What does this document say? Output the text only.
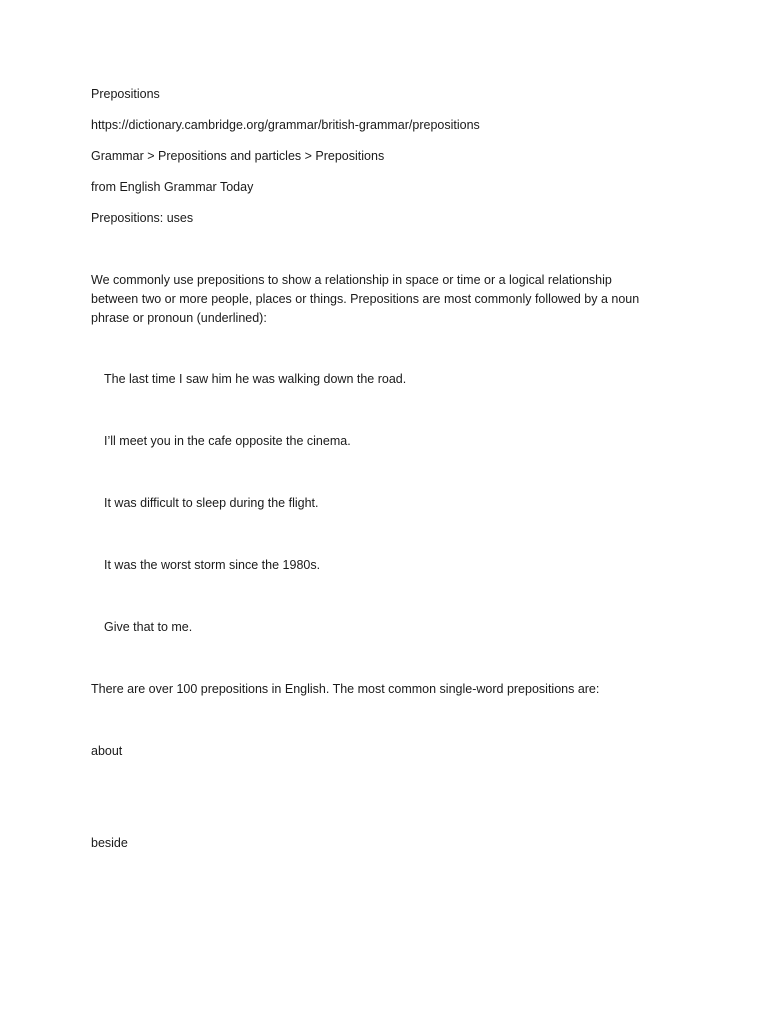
Prepositions
https://dictionary.cambridge.org/grammar/british-grammar/prepositions
Grammar > Prepositions and particles > Prepositions
from English Grammar Today
Prepositions: uses
We commonly use prepositions to show a relationship in space or time or a logical relationship
between two or more people, places or things. Prepositions are most commonly followed by a noun
phrase or pronoun (underlined):
The last time I saw him he was walking down the road.
I’ll meet you in the cafe opposite the cinema.
It was difficult to sleep during the flight.
It was the worst storm since the 1980s.
Give that to me.
There are over 100 prepositions in English. The most common single-word prepositions are:
about
beside
